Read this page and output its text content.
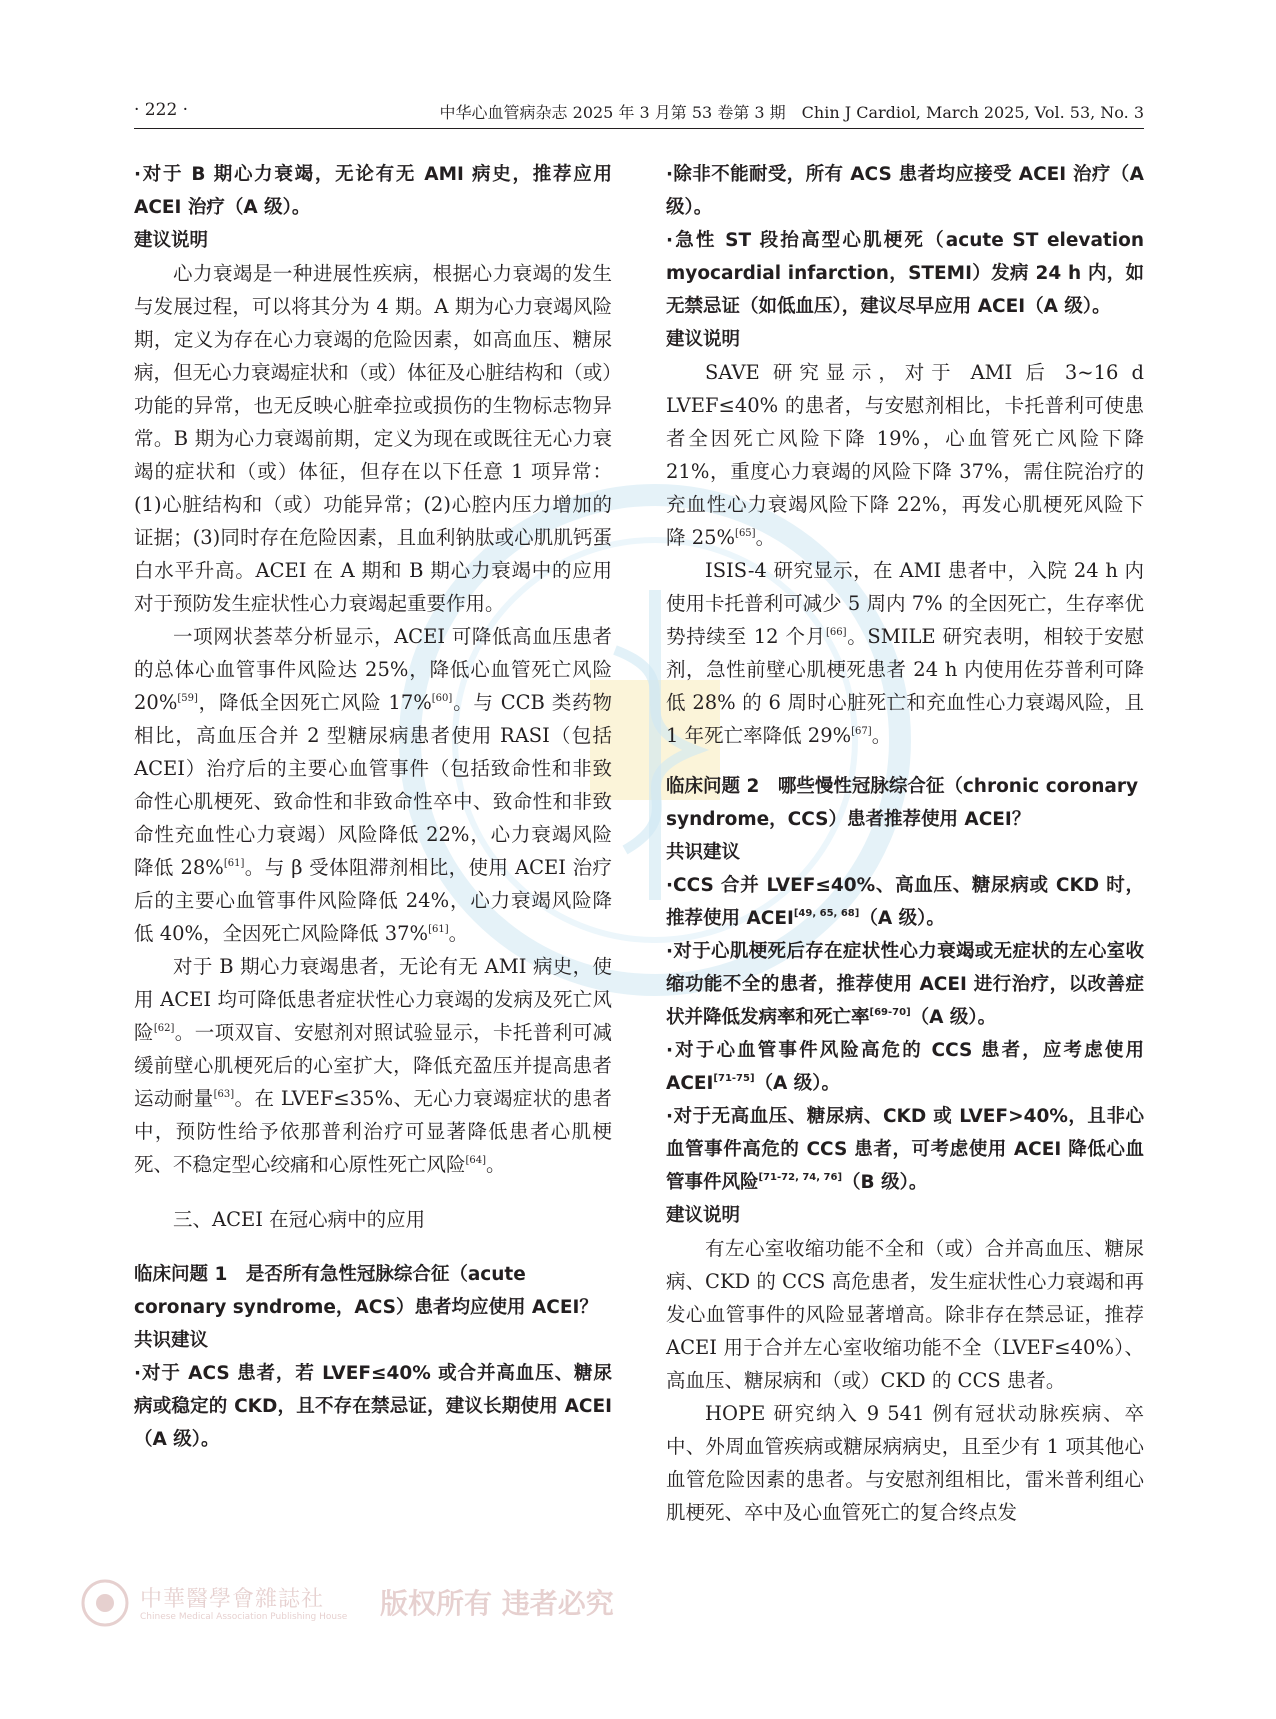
· 222 ·	中华心血管病杂志 2025 年 3 月第 53 卷第 3 期　Chin J Cardiol, March 2025, Vol. 53, No. 3

·对于 B 期心力衰竭，无论有无 AMI 病史，推荐应用 ACEI 治疗（A 级）。

建议说明

心力衰竭是一种进展性疾病，根据心力衰竭的发生与发展过程，可以将其分为 4 期。A 期为心力衰竭风险期，定义为存在心力衰竭的危险因素，如高血压、糖尿病，但无心力衰竭症状和（或）体征及心脏结构和（或）功能的异常，也无反映心脏牵拉或损伤的生物标志物异常。B 期为心力衰竭前期，定义为现在或既往无心力衰竭的症状和（或）体征，但存在以下任意 1 项异常：(1)心脏结构和（或）功能异常；(2)心腔内压力增加的证据；(3)同时存在危险因素，且血利钠肽或心肌肌钙蛋白水平升高。ACEI 在 A 期和 B 期心力衰竭中的应用对于预防发生症状性心力衰竭起重要作用。

一项网状荟萃分析显示，ACEI 可降低高血压患者的总体心血管事件风险达 25%，降低心血管死亡风险 20%[59]，降低全因死亡风险 17%[60]。与 CCB 类药物相比，高血压合并 2 型糖尿病患者使用 RASI（包括 ACEI）治疗后的主要心血管事件（包括致命性和非致命性心肌梗死、致命性和非致命性卒中、致命性和非致命性充血性心力衰竭）风险降低 22%，心力衰竭风险降低 28%[61]。与 β 受体阻滞剂相比，使用 ACEI 治疗后的主要心血管事件风险降低 24%，心力衰竭风险降低 40%，全因死亡风险降低 37%[61]。

对于 B 期心力衰竭患者，无论有无 AMI 病史，使用 ACEI 均可降低患者症状性心力衰竭的发病及死亡风险[62]。一项双盲、安慰剂对照试验显示，卡托普利可减缓前壁心肌梗死后的心室扩大，降低充盈压并提高患者运动耐量[63]。在 LVEF≤35%、无心力衰竭症状的患者中，预防性给予依那普利治疗可显著降低患者心肌梗死、不稳定型心绞痛和心原性死亡风险[64]。

三、ACEI 在冠心病中的应用

临床问题 1　是否所有急性冠脉综合征（acute coronary syndrome，ACS）患者均应使用 ACEI？

共识建议

·对于 ACS 患者，若 LVEF≤40% 或合并高血压、糖尿病或稳定的 CKD，且不存在禁忌证，建议长期使用 ACEI（A 级）。

·除非不能耐受，所有 ACS 患者均应接受 ACEI 治疗（A 级）。

·急性 ST 段抬高型心肌梗死（acute ST elevation myocardial infarction，STEMI）发病 24 h 内，如无禁忌证（如低血压），建议尽早应用 ACEI（A 级）。

建议说明

SAVE 研究显示，对于 AMI 后 3~16 d LVEF≤40% 的患者，与安慰剂相比，卡托普利可使患者全因死亡风险下降 19%，心血管死亡风险下降 21%，重度心力衰竭的风险下降 37%，需住院治疗的充血性心力衰竭风险下降 22%，再发心肌梗死风险下降 25%[65]。

ISIS-4 研究显示，在 AMI 患者中，入院 24 h 内使用卡托普利可减少 5 周内 7% 的全因死亡，生存率优势持续至 12 个月[66]。SMILE 研究表明，相较于安慰剂，急性前壁心肌梗死患者 24 h 内使用佐芬普利可降低 28% 的 6 周时心脏死亡和充血性心力衰竭风险，且 1 年死亡率降低 29%[67]。

临床问题 2　哪些慢性冠脉综合征（chronic coronary　syndrome，CCS）患者推荐使用 ACEI？

共识建议

·CCS 合并 LVEF≤40%、高血压、糖尿病或 CKD 时，推荐使用 ACEI[49, 65, 68]（A 级）。

·对于心肌梗死后存在症状性心力衰竭或无症状的左心室收缩功能不全的患者，推荐使用 ACEI 进行治疗，以改善症状并降低发病率和死亡率[69-70]（A 级）。

·对于心血管事件风险高危的 CCS 患者，应考虑使用 ACEI[71-75]（A 级）。

·对于无高血压、糖尿病、CKD 或 LVEF>40%，且非心血管事件高危的 CCS 患者，可考虑使用 ACEI 降低心血管事件风险[71-72, 74, 76]（B 级）。

建议说明

有左心室收缩功能不全和（或）合并高血压、糖尿病、CKD 的 CCS 高危患者，发生症状性心力衰竭和再发心血管事件的风险显著增高。除非存在禁忌证，推荐 ACEI 用于合并左心室收缩功能不全（LVEF≤40%）、高血压、糖尿病和（或）CKD 的 CCS 患者。

HOPE 研究纳入 9 541 例有冠状动脉疾病、卒中、外周血管疾病或糖尿病病史，且至少有 1 项其他心血管危险因素的患者。与安慰剂组相比，雷米普利组心肌梗死、卒中及心血管死亡的复合终点发

中華醫學會雜誌社
Chinese Medical Association Publishing House 版权所有 违者必究
